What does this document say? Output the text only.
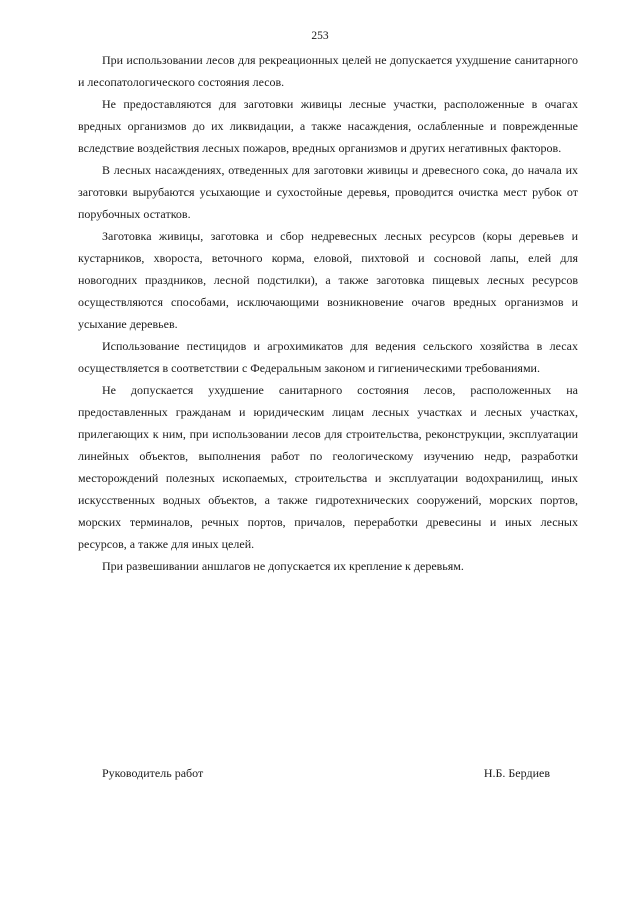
253

При использовании лесов для рекреационных целей не допускается ухудшение санитарного и лесопатологического состояния лесов.

Не предоставляются для заготовки живицы лесные участки, расположенные в очагах вредных организмов до их ликвидации, а также насаждения, ослабленные и поврежденные вследствие воздействия лесных пожаров, вредных организмов и других негативных факторов.

В лесных насаждениях, отведенных для заготовки живицы и древесного сока, до начала их заготовки вырубаются усыхающие и сухостойные деревья, проводится очистка мест рубок от порубочных остатков.

Заготовка живицы, заготовка и сбор недревесных лесных ресурсов (коры деревьев и кустарников, хвороста, веточного корма, еловой, пихтовой и сосновой лапы, елей для новогодних праздников, лесной подстилки), а также заготовка пищевых лесных ресурсов осуществляются способами, исключающими возникновение очагов вредных организмов и усыхание деревьев.

Использование пестицидов и агрохимикатов для ведения сельского хозяйства в лесах осуществляется в соответствии с Федеральным законом и гигиеническими требованиями.

Не допускается ухудшение санитарного состояния лесов, расположенных на предоставленных гражданам и юридическим лицам лесных участках и лесных участках, прилегающих к ним, при использовании лесов для строительства, реконструкции, эксплуатации линейных объектов, выполнения работ по геологическому изучению недр, разработки месторождений полезных ископаемых, строительства и эксплуатации водохранилищ, иных искусственных водных объектов, а также гидротехнических сооружений, морских портов, морских терминалов, речных портов, причалов, переработки древесины и иных лесных ресурсов, а также для иных целей.

При развешивании аншлагов не допускается их крепление к деревьям.

Руководитель работ	Н.Б. Бердиев
